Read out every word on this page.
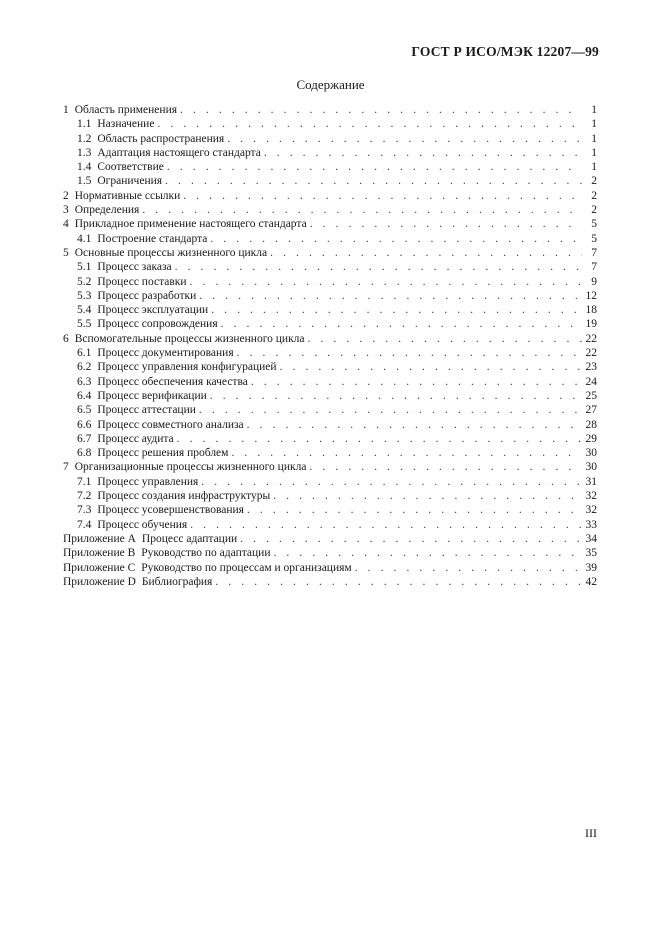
ГОСТ Р ИСО/МЭК 12207—99
Содержание
1 Область применения . . .	1
1.1 Назначение . . .	1
1.2 Область распространения . . .	1
1.3 Адаптация настоящего стандарта . . .	1
1.4 Соответствие . . .	1
1.5 Ограничения . . .	2
2 Нормативные ссылки . . .	2
3 Определения . . .	2
4 Прикладное применение настоящего стандарта . . .	5
4.1 Построение стандарта . . .	5
5 Основные процессы жизненного цикла . . .	7
5.1 Процесс заказа . . .	7
5.2 Процесс поставки . . .	9
5.3 Процесс разработки . . .	12
5.4 Процесс эксплуатации . . .	18
5.5 Процесс сопровождения . . .	19
6 Вспомогательные процессы жизненного цикла . . .	22
6.1 Процесс документирования . . .	22
6.2 Процесс управления конфигурацией . . .	23
6.3 Процесс обеспечения качества . . .	24
6.4 Процесс верификации . . .	25
6.5 Процесс аттестации . . .	27
6.6 Процесс совместного анализа . . .	28
6.7 Процесс аудита . . .	29
6.8 Процесс решения проблем . . .	30
7 Организационные процессы жизненного цикла . . .	30
7.1 Процесс управления . . .	31
7.2 Процесс создания инфраструктуры . . .	32
7.3 Процесс усовершенствования . . .	32
7.4 Процесс обучения . . .	33
Приложение А Процесс адаптации . . .	34
Приложение В Руководство по адаптации . . .	35
Приложение С Руководство по процессам и организациям . . .	39
Приложение D Библиография . . .	42
III
